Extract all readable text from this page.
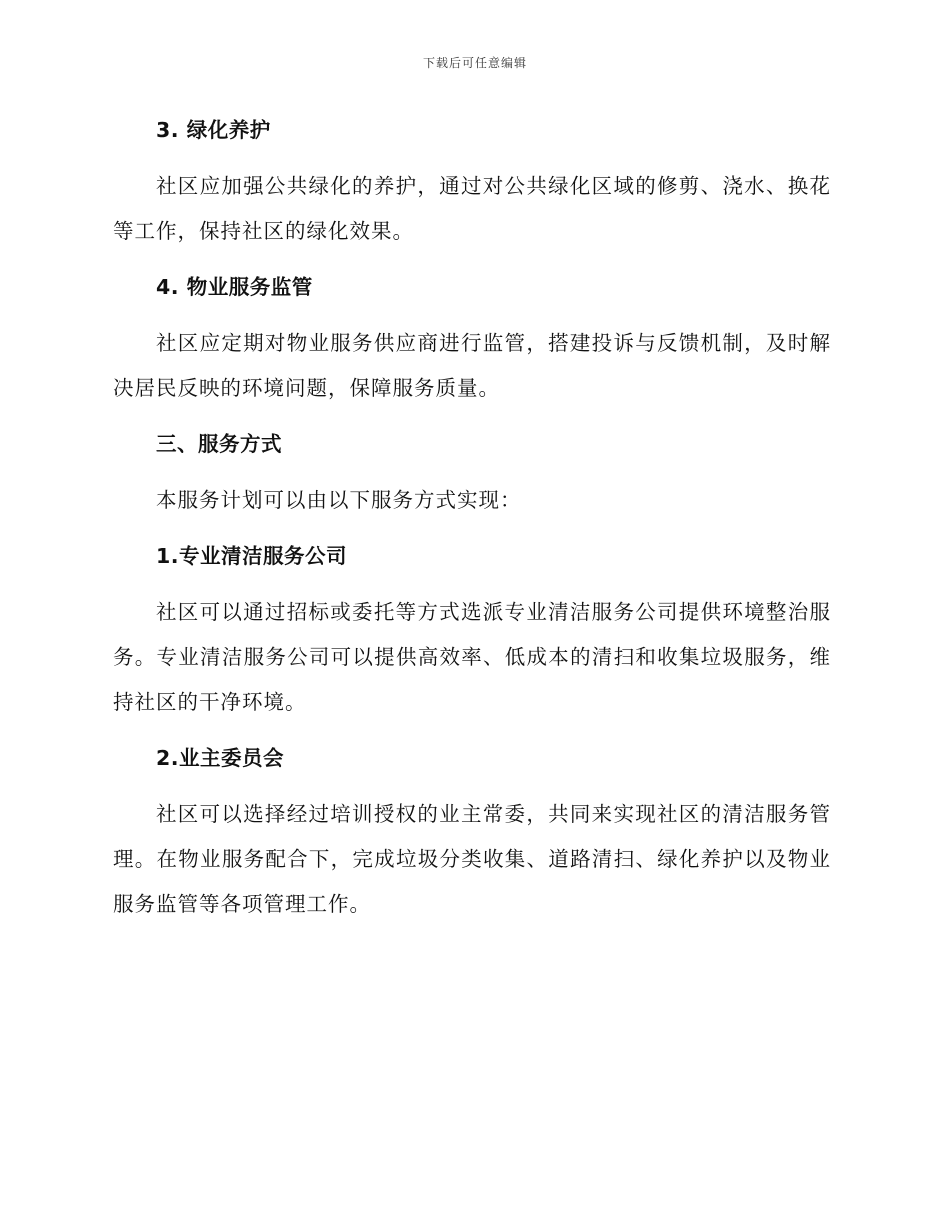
下载后可任意编辑
3. 绿化养护

社区应加强公共绿化的养护，通过对公共绿化区域的修剪、浇水、换花等工作，保持社区的绿化效果。

4. 物业服务监管

社区应定期对物业服务供应商进行监管，搭建投诉与反馈机制，及时解决居民反映的环境问题，保障服务质量。

三、服务方式

本服务计划可以由以下服务方式实现：

1.专业清洁服务公司

社区可以通过招标或委托等方式选派专业清洁服务公司提供环境整治服务。专业清洁服务公司可以提供高效率、低成本的清扫和收集垃圾服务，维持社区的干净环境。

2.业主委员会

社区可以选择经过培训授权的业主常委，共同来实现社区的清洁服务管理。在物业服务配合下，完成垃圾分类收集、道路清扫、绿化养护以及物业服务监管等各项管理工作。
